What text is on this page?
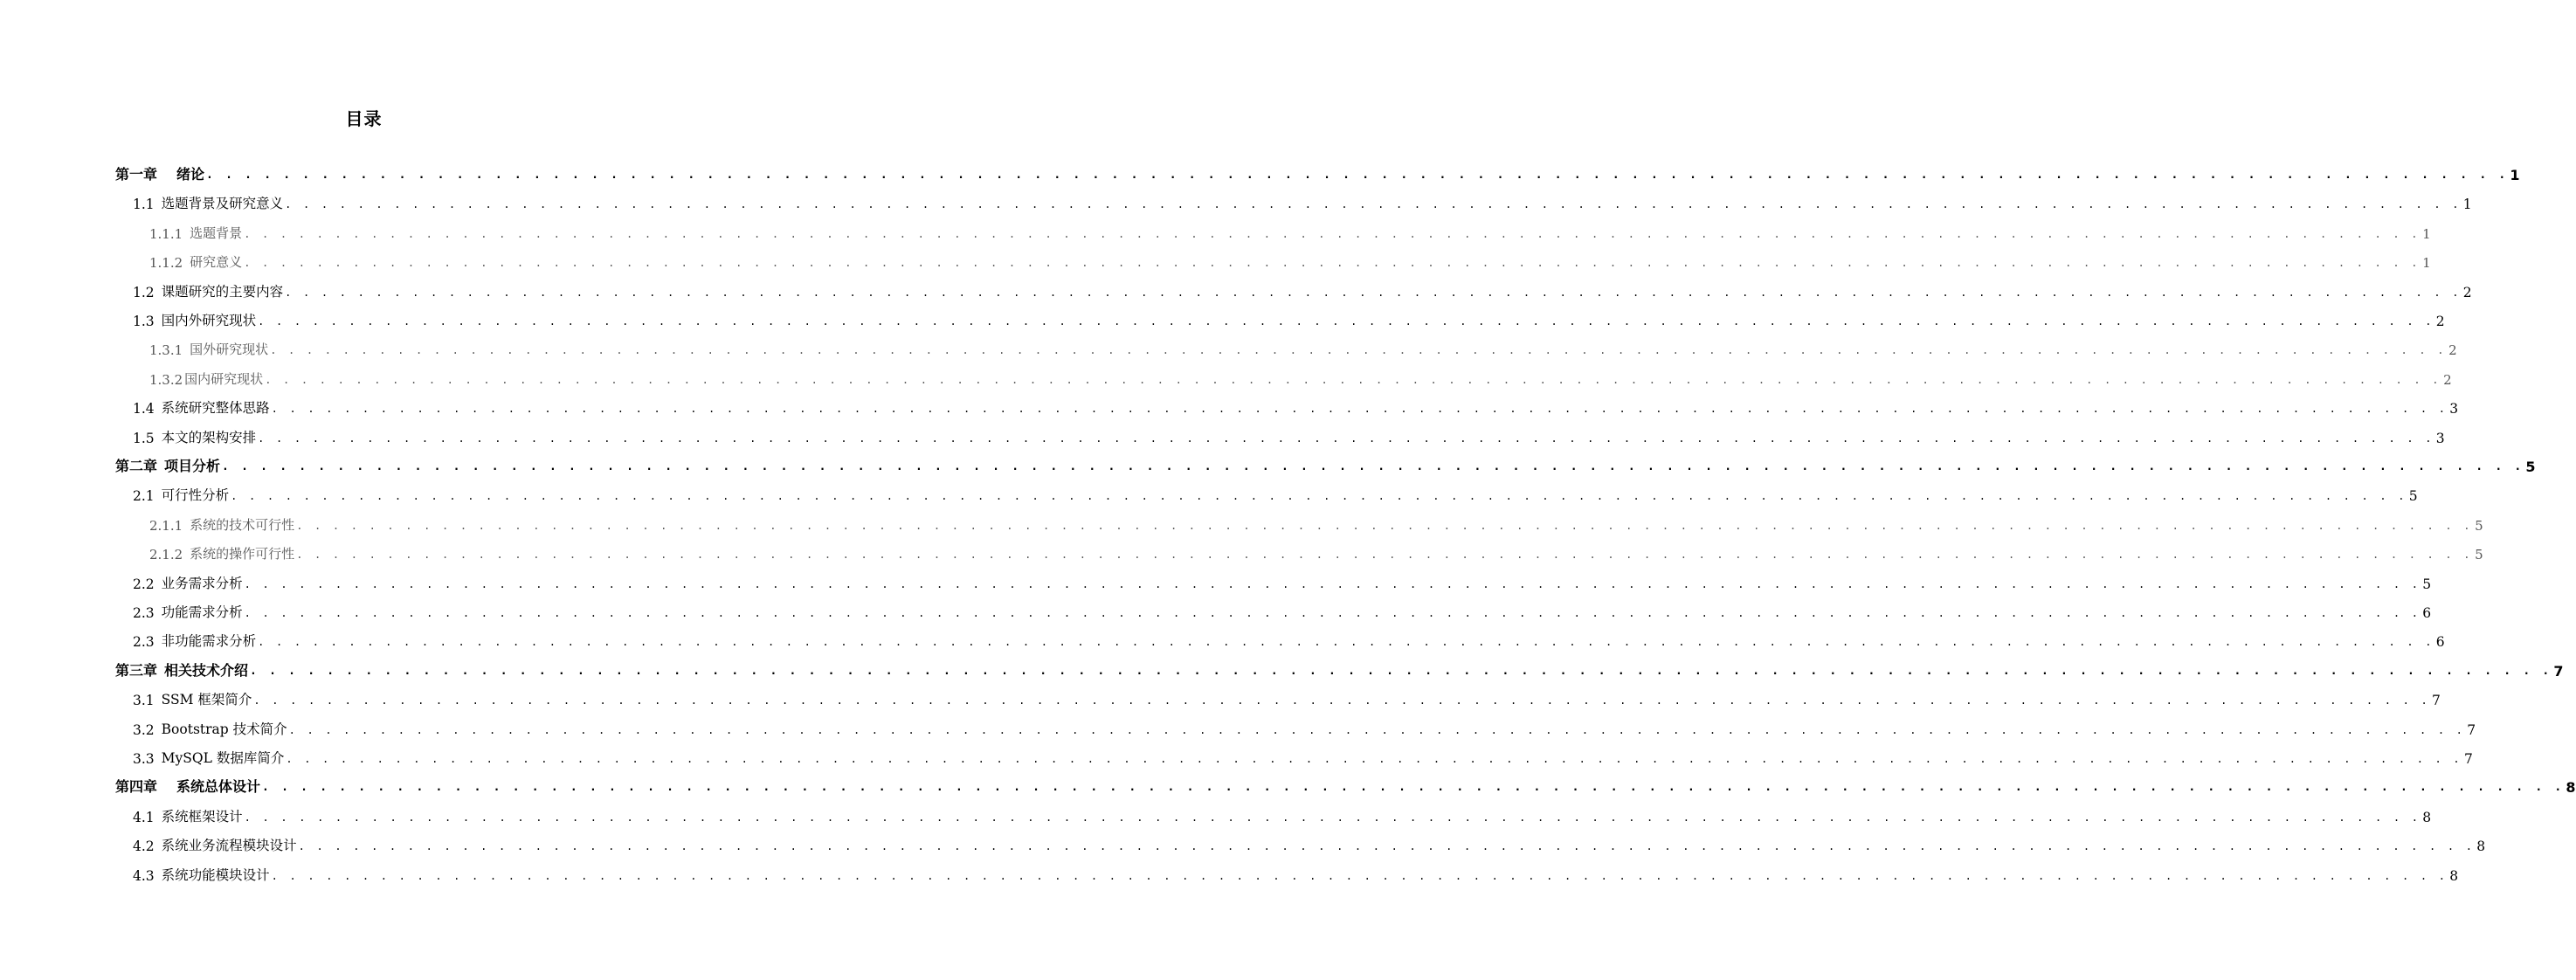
目录
第一章 绪论 . . . . . . . . . . . . . . . . . . . . . . . . . . . . . . . . . . . . . . . . . . . . . . . . . . . . . . . . . . . . . . . . . . . . . . . . . . . . . . . . . . . . . . . . . . . . . . . . . . . . . . . . . . . . . . . . . . . . . . . . 1
1.1 选题背景及研究意义 . . . . . . . . . . . . . . . . . . . . . . . . . . . . . . . . . . . . . . . . . . . . . . . . . . . . . . . . . . . . . . . . . . . . . . . . . . . . . . . . . . . . . . . . . . . . . . . . . . . . . . . . . . . . . . . . . . . . . . . . 1
1.1.1 选题背景 . . . . . . . . . . . . . . . . . . . . . . . . . . . . . . . . . . . . . . . . . . . . . . . . . . . . . . . . . . . . . . . . . . . . . . . . . . . . . . . . . . . . . . . . . . . . . . . . . . . . . . . . . . . . . . . . . . . . . . . . 1
1.1.2 研究意义 . . . . . . . . . . . . . . . . . . . . . . . . . . . . . . . . . . . . . . . . . . . . . . . . . . . . . . . . . . . . . . . . . . . . . . . . . . . . . . . . . . . . . . . . . . . . . . . . . . . . . . . . . . . . . . . . . . . . . . . . 1
1.2 课题研究的主要内容 . . . . . . . . . . . . . . . . . . . . . . . . . . . . . . . . . . . . . . . . . . . . . . . . . . . . . . . . . . . . . . . . . . . . . . . . . . . . . . . . . . . . . . . . . . . . . . . . . . . . . . . . . . . . . . . . . . . . . . . . 2
1.3 国内外研究现状 . . . . . . . . . . . . . . . . . . . . . . . . . . . . . . . . . . . . . . . . . . . . . . . . . . . . . . . . . . . . . . . . . . . . . . . . . . . . . . . . . . . . . . . . . . . . . . . . . . . . . . . . . . . . . . . . . . . . . . . . 2
1.3.1 国外研究现状 . . . . . . . . . . . . . . . . . . . . . . . . . . . . . . . . . . . . . . . . . . . . . . . . . . . . . . . . . . . . . . . . . . . . . . . . . . . . . . . . . . . . . . . . . . . . . . . . . . . . . . . . . . . . . . . . . . . . . . . . 2
1.3.2 国内研究现状 . . . . . . . . . . . . . . . . . . . . . . . . . . . . . . . . . . . . . . . . . . . . . . . . . . . . . . . . . . . . . . . . . . . . . . . . . . . . . . . . . . . . . . . . . . . . . . . . . . . . . . . . . . . . . . . . . . . . . . . . 2
1.4 系统研究整体思路 . . . . . . . . . . . . . . . . . . . . . . . . . . . . . . . . . . . . . . . . . . . . . . . . . . . . . . . . . . . . . . . . . . . . . . . . . . . . . . . . . . . . . . . . . . . . . . . . . . . . . . . . . . . . . . . . . . . . . . . . 3
1.5 本文的架构安排 . . . . . . . . . . . . . . . . . . . . . . . . . . . . . . . . . . . . . . . . . . . . . . . . . . . . . . . . . . . . . . . . . . . . . . . . . . . . . . . . . . . . . . . . . . . . . . . . . . . . . . . . . . . . . . . . . . . . . . . . 3
第二章 项目分析 . . . . . . . . . . . . . . . . . . . . . . . . . . . . . . . . . . . . . . . . . . . . . . . . . . . . . . . . . . . . . . . . . . . . . . . . . . . . . . . . . . . . . . . . . . . . . . . . . . . . . . . . . . . . . . . . . . . . . . . . 5
2.1 可行性分析 . . . . . . . . . . . . . . . . . . . . . . . . . . . . . . . . . . . . . . . . . . . . . . . . . . . . . . . . . . . . . . . . . . . . . . . . . . . . . . . . . . . . . . . . . . . . . . . . . . . . . . . . . . . . . . . . . . . . . . . . 5
2.1.1 系统的技术可行性 . . . . . . . . . . . . . . . . . . . . . . . . . . . . . . . . . . . . . . . . . . . . . . . . . . . . . . . . . . . . . . . . . . . . . . . . . . . . . . . . . . . . . . . . . . . . . . . . . . . . . . . . . . . . . . . . . . . . . . . . 5
2.1.2 系统的操作可行性 . . . . . . . . . . . . . . . . . . . . . . . . . . . . . . . . . . . . . . . . . . . . . . . . . . . . . . . . . . . . . . . . . . . . . . . . . . . . . . . . . . . . . . . . . . . . . . . . . . . . . . . . . . . . . . . . . . . . . . . . 5
2.2 业务需求分析 . . . . . . . . . . . . . . . . . . . . . . . . . . . . . . . . . . . . . . . . . . . . . . . . . . . . . . . . . . . . . . . . . . . . . . . . . . . . . . . . . . . . . . . . . . . . . . . . . . . . . . . . . . . . . . . . . . . . . . . . 5
2.3 功能需求分析 . . . . . . . . . . . . . . . . . . . . . . . . . . . . . . . . . . . . . . . . . . . . . . . . . . . . . . . . . . . . . . . . . . . . . . . . . . . . . . . . . . . . . . . . . . . . . . . . . . . . . . . . . . . . . . . . . . . . . . . . 6
2.3 非功能需求分析 . . . . . . . . . . . . . . . . . . . . . . . . . . . . . . . . . . . . . . . . . . . . . . . . . . . . . . . . . . . . . . . . . . . . . . . . . . . . . . . . . . . . . . . . . . . . . . . . . . . . . . . . . . . . . . . . . . . . . . . . 6
第三章 相关技术介绍 . . . . . . . . . . . . . . . . . . . . . . . . . . . . . . . . . . . . . . . . . . . . . . . . . . . . . . . . . . . . . . . . . . . . . . . . . . . . . . . . . . . . . . . . . . . . . . . . . . . . . . . . . . . . . . . . . . . . . . . . 7
3.1 SSM 框架简介 . . . . . . . . . . . . . . . . . . . . . . . . . . . . . . . . . . . . . . . . . . . . . . . . . . . . . . . . . . . . . . . . . . . . . . . . . . . . . . . . . . . . . . . . . . . . . . . . . . . . . . . . . . . . . . . . . . . . . . . . 7
3.2 Bootstrap 技术简介 . . . . . . . . . . . . . . . . . . . . . . . . . . . . . . . . . . . . . . . . . . . . . . . . . . . . . . . . . . . . . . . . . . . . . . . . . . . . . . . . . . . . . . . . . . . . . . . . . . . . . . . . . . . . . . . . . . . . . . . . 7
3.3 MySQL 数据库简介 . . . . . . . . . . . . . . . . . . . . . . . . . . . . . . . . . . . . . . . . . . . . . . . . . . . . . . . . . . . . . . . . . . . . . . . . . . . . . . . . . . . . . . . . . . . . . . . . . . . . . . . . . . . . . . . . . . . . . . . . 7
第四章 系统总体设计 . . . . . . . . . . . . . . . . . . . . . . . . . . . . . . . . . . . . . . . . . . . . . . . . . . . . . . . . . . . . . . . . . . . . . . . . . . . . . . . . . . . . . . . . . . . . . . . . . . . . . . . . . . . . . . . . . . . . . . . . 8
4.1 系统框架设计 . . . . . . . . . . . . . . . . . . . . . . . . . . . . . . . . . . . . . . . . . . . . . . . . . . . . . . . . . . . . . . . . . . . . . . . . . . . . . . . . . . . . . . . . . . . . . . . . . . . . . . . . . . . . . . . . . . . . . . . . 8
4.2 系统业务流程模块设计 . . . . . . . . . . . . . . . . . . . . . . . . . . . . . . . . . . . . . . . . . . . . . . . . . . . . . . . . . . . . . . . . . . . . . . . . . . . . . . . . . . . . . . . . . . . . . . . . . . . . . . . . . . . . . . . . . . . . . . . . 8
4.3 系统功能模块设计 . . . . . . . . . . . . . . . . . . . . . . . . . . . . . . . . . . . . . . . . . . . . . . . . . . . . . . . . . . . . . . . . . . . . . . . . . . . . . . . . . . . . . . . . . . . . . . . . . . . . . . . . . . . . . . . . . . . . . . . . 8
